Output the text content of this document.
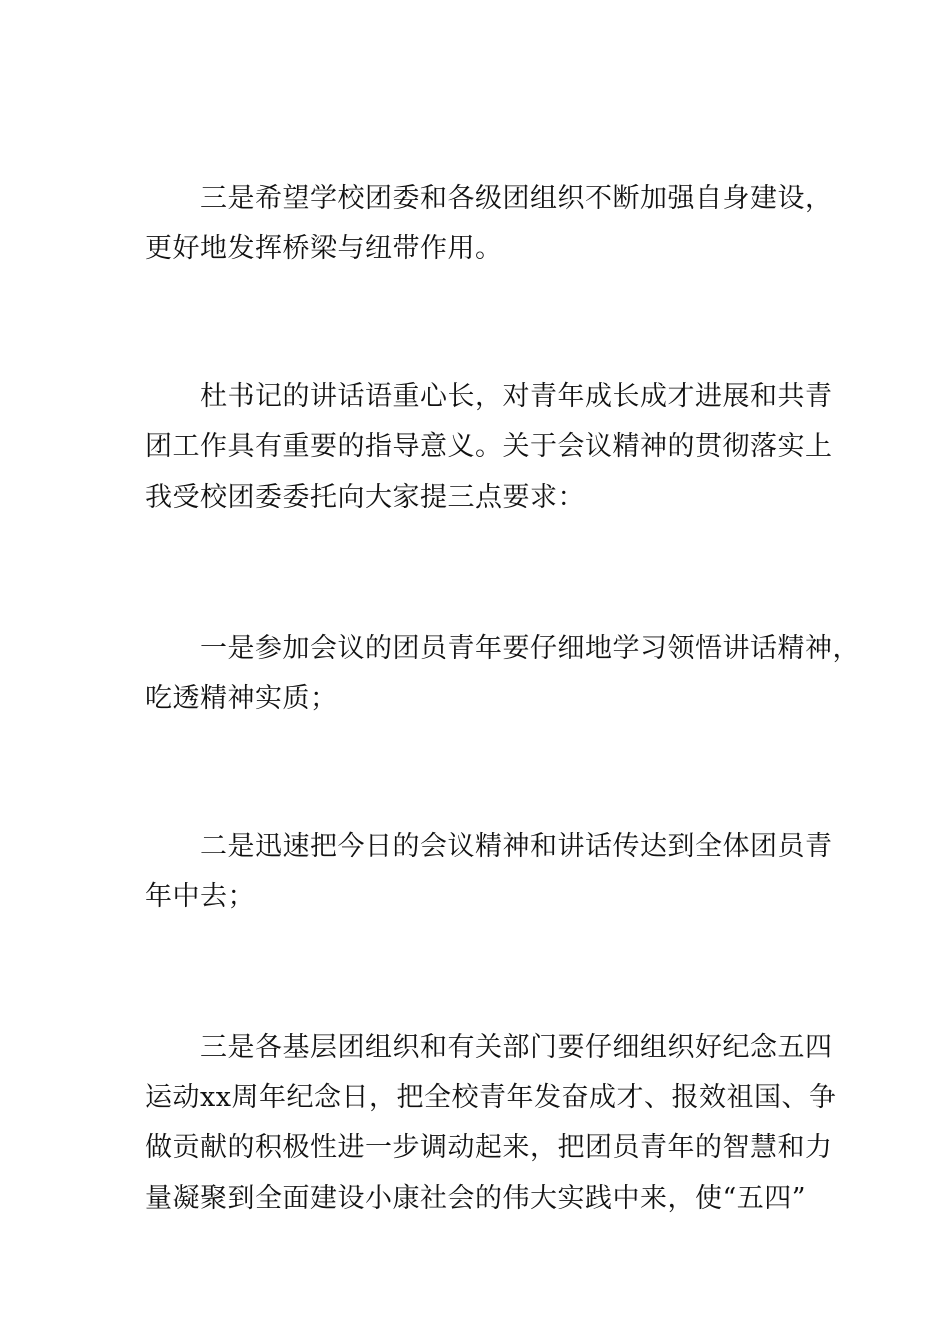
三是希望学校团委和各级团组织不断加强自身建设，
更好地发挥桥梁与纽带作用。
杜书记的讲话语重心长，对青年成长成才进展和共青
团工作具有重要的指导意义。关于会议精神的贯彻落实上
我受校团委委托向大家提三点要求：
一是参加会议的团员青年要仔细地学习领悟讲话精神，
吃透精神实质；
二是迅速把今日的会议精神和讲话传达到全体团员青
年中去；
三是各基层团组织和有关部门要仔细组织好纪念五四
运动xx周年纪念日，把全校青年发奋成才、报效祖国、争
做贡献的积极性进一步调动起来，把团员青年的智慧和力
量凝聚到全面建设小康社会的伟大实践中来，使“五四”
